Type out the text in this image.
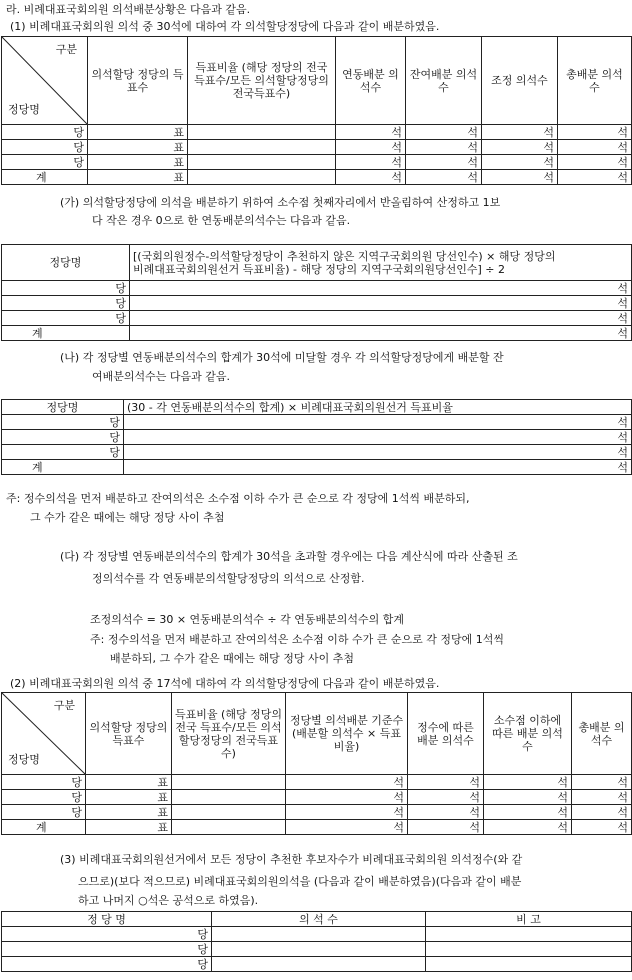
라. 비례대표국회의원 의석배분상황은 다음과 같음.
(1) 비례대표국회의원 의석 중 30석에 대하여 각 의석할당정당에 다음과 같이 배분하였음.
구분
정당명	의석할당 정당의 득표수	득표비율 (해당 정당의 전국 득표수/모든 의석할당정당의 전국득표수)	연동배분 의석수	잔여배분 의석수	조정 의석수	총배분 의석수
당	표		석	석	석	석
당	표		석	석	석	석
당	표		석	석	석	석
계	표		석	석	석	석
(가) 의석할당정당에 의석을 배분하기 위하여 소수점 첫째자리에서 반올림하여 산정하고 1보
다 작은 경우 0으로 한 연동배분의석수는 다음과 같음.
정당명	[(국회의원정수-의석할당정당이 추천하지 않은 지역구국회의원 당선인수) × 해당 정당의
비례대표국회의원선거 득표비율) - 해당 정당의 지역구국회의원당선인수] ÷ 2

당	석
당	석
당	석
계	석
(나) 각 정당별 연동배분의석수의 합계가 30석에 미달할 경우 각 의석할당정당에게 배분할 잔
여배분의석수는 다음과 같음.
정당명	(30 - 각 연동배분의석수의 합계) × 비례대표국회의원선거 득표비율
당	석
당	석
당	석
계	석
주: 정수의석을 먼저 배분하고 잔여의석은 소수점 이하 수가 큰 순으로 각 정당에 1석씩 배분하되,
그 수가 같은 때에는 해당 정당 사이 추첨
(다) 각 정당별 연동배분의석수의 합계가 30석을 초과할 경우에는 다음 계산식에 따라 산출된 조
정의석수를 각 연동배분의석할당정당의 의석으로 산정함.
조정의석수 = 30 × 연동배분의석수 ÷ 각 연동배분의석수의 합계
주: 정수의석을 먼저 배분하고 잔여의석은 소수점 이하 수가 큰 순으로 각 정당에 1석씩
배분하되, 그 수가 같은 때에는 해당 정당 사이 추첨
(2) 비례대표국회의원 의석 중 17석에 대하여 각 의석할당정당에 다음과 같이 배분하였음.
구분
정당명	의석할당 정당의 득표수	득표비율 (해당 정당의 전국 득표수/모든 의석할당정당의 전국득표수)	정당별 의석배분 기준수 (배분할 의석수 × 득표비율)	정수에 따른 배분 의석수	소수점 이하에 따른 배분 의석수	총배분 의석수
당	표		석	석	석	석
당	표		석	석	석	석
당	표		석	석	석	석
계	표		석	석	석	석
(3) 비례대표국회의원선거에서 모든 정당이 추천한 후보자수가 비례대표국회의원 의석정수(와 같
으므로)(보다 적으므로) 비례대표국회의원의석을 (다음과 같이 배분하였음)(다음과 같이 배분
하고 나머지 ○석은 공석으로 하였음).
정 당 명	의 석 수	비 고
당		
당		
당		
